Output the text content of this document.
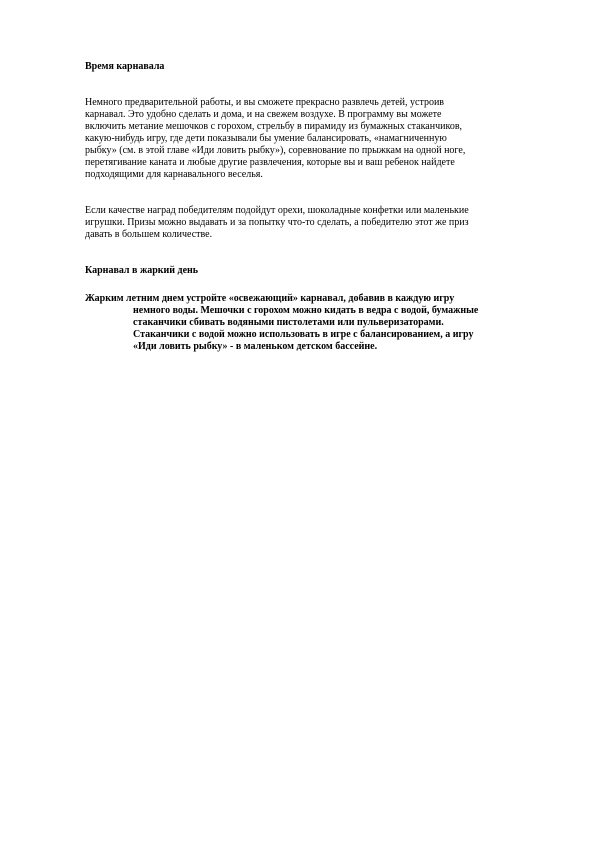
Время карнавала
Немного предварительной работы, и вы сможете прекрасно развлечь детей, устроив
карнавал. Это удобно сделать и дома, и на свежем воздухе. В программу вы можете
включить метание мешочков с горохом, стрельбу в пирамиду из бумажных стаканчиков,
какую-нибудь игру, где дети показывали бы умение балансировать, «намагниченную
рыбку» (см. в этой главе «Иди ловить рыбку»), соревнование по прыжкам на одной ноге,
перетягивание каната и любые другие развлечения, которые вы и ваш ребенок найдете
подходящими для карнавального веселья.
Если качестве наград победителям подойдут орехи, шоколадные конфетки или маленькие
игрушки. Призы можно выдавать и за попытку что-то сделать, а победителю этот же приз
давать в большем количестве.
Карнавал в жаркий день
Жарким летним днем устройте «освежающий» карнавал, добавив в каждую игру
немного воды. Мешочки с горохом можно кидать в ведра с водой, бумажные
стаканчики сбивать водяными пистолетами или пульверизаторами.
Стаканчики с водой можно использовать в игре с балансированием, а игру
«Иди ловить рыбку» - в маленьком детском бассейне.
